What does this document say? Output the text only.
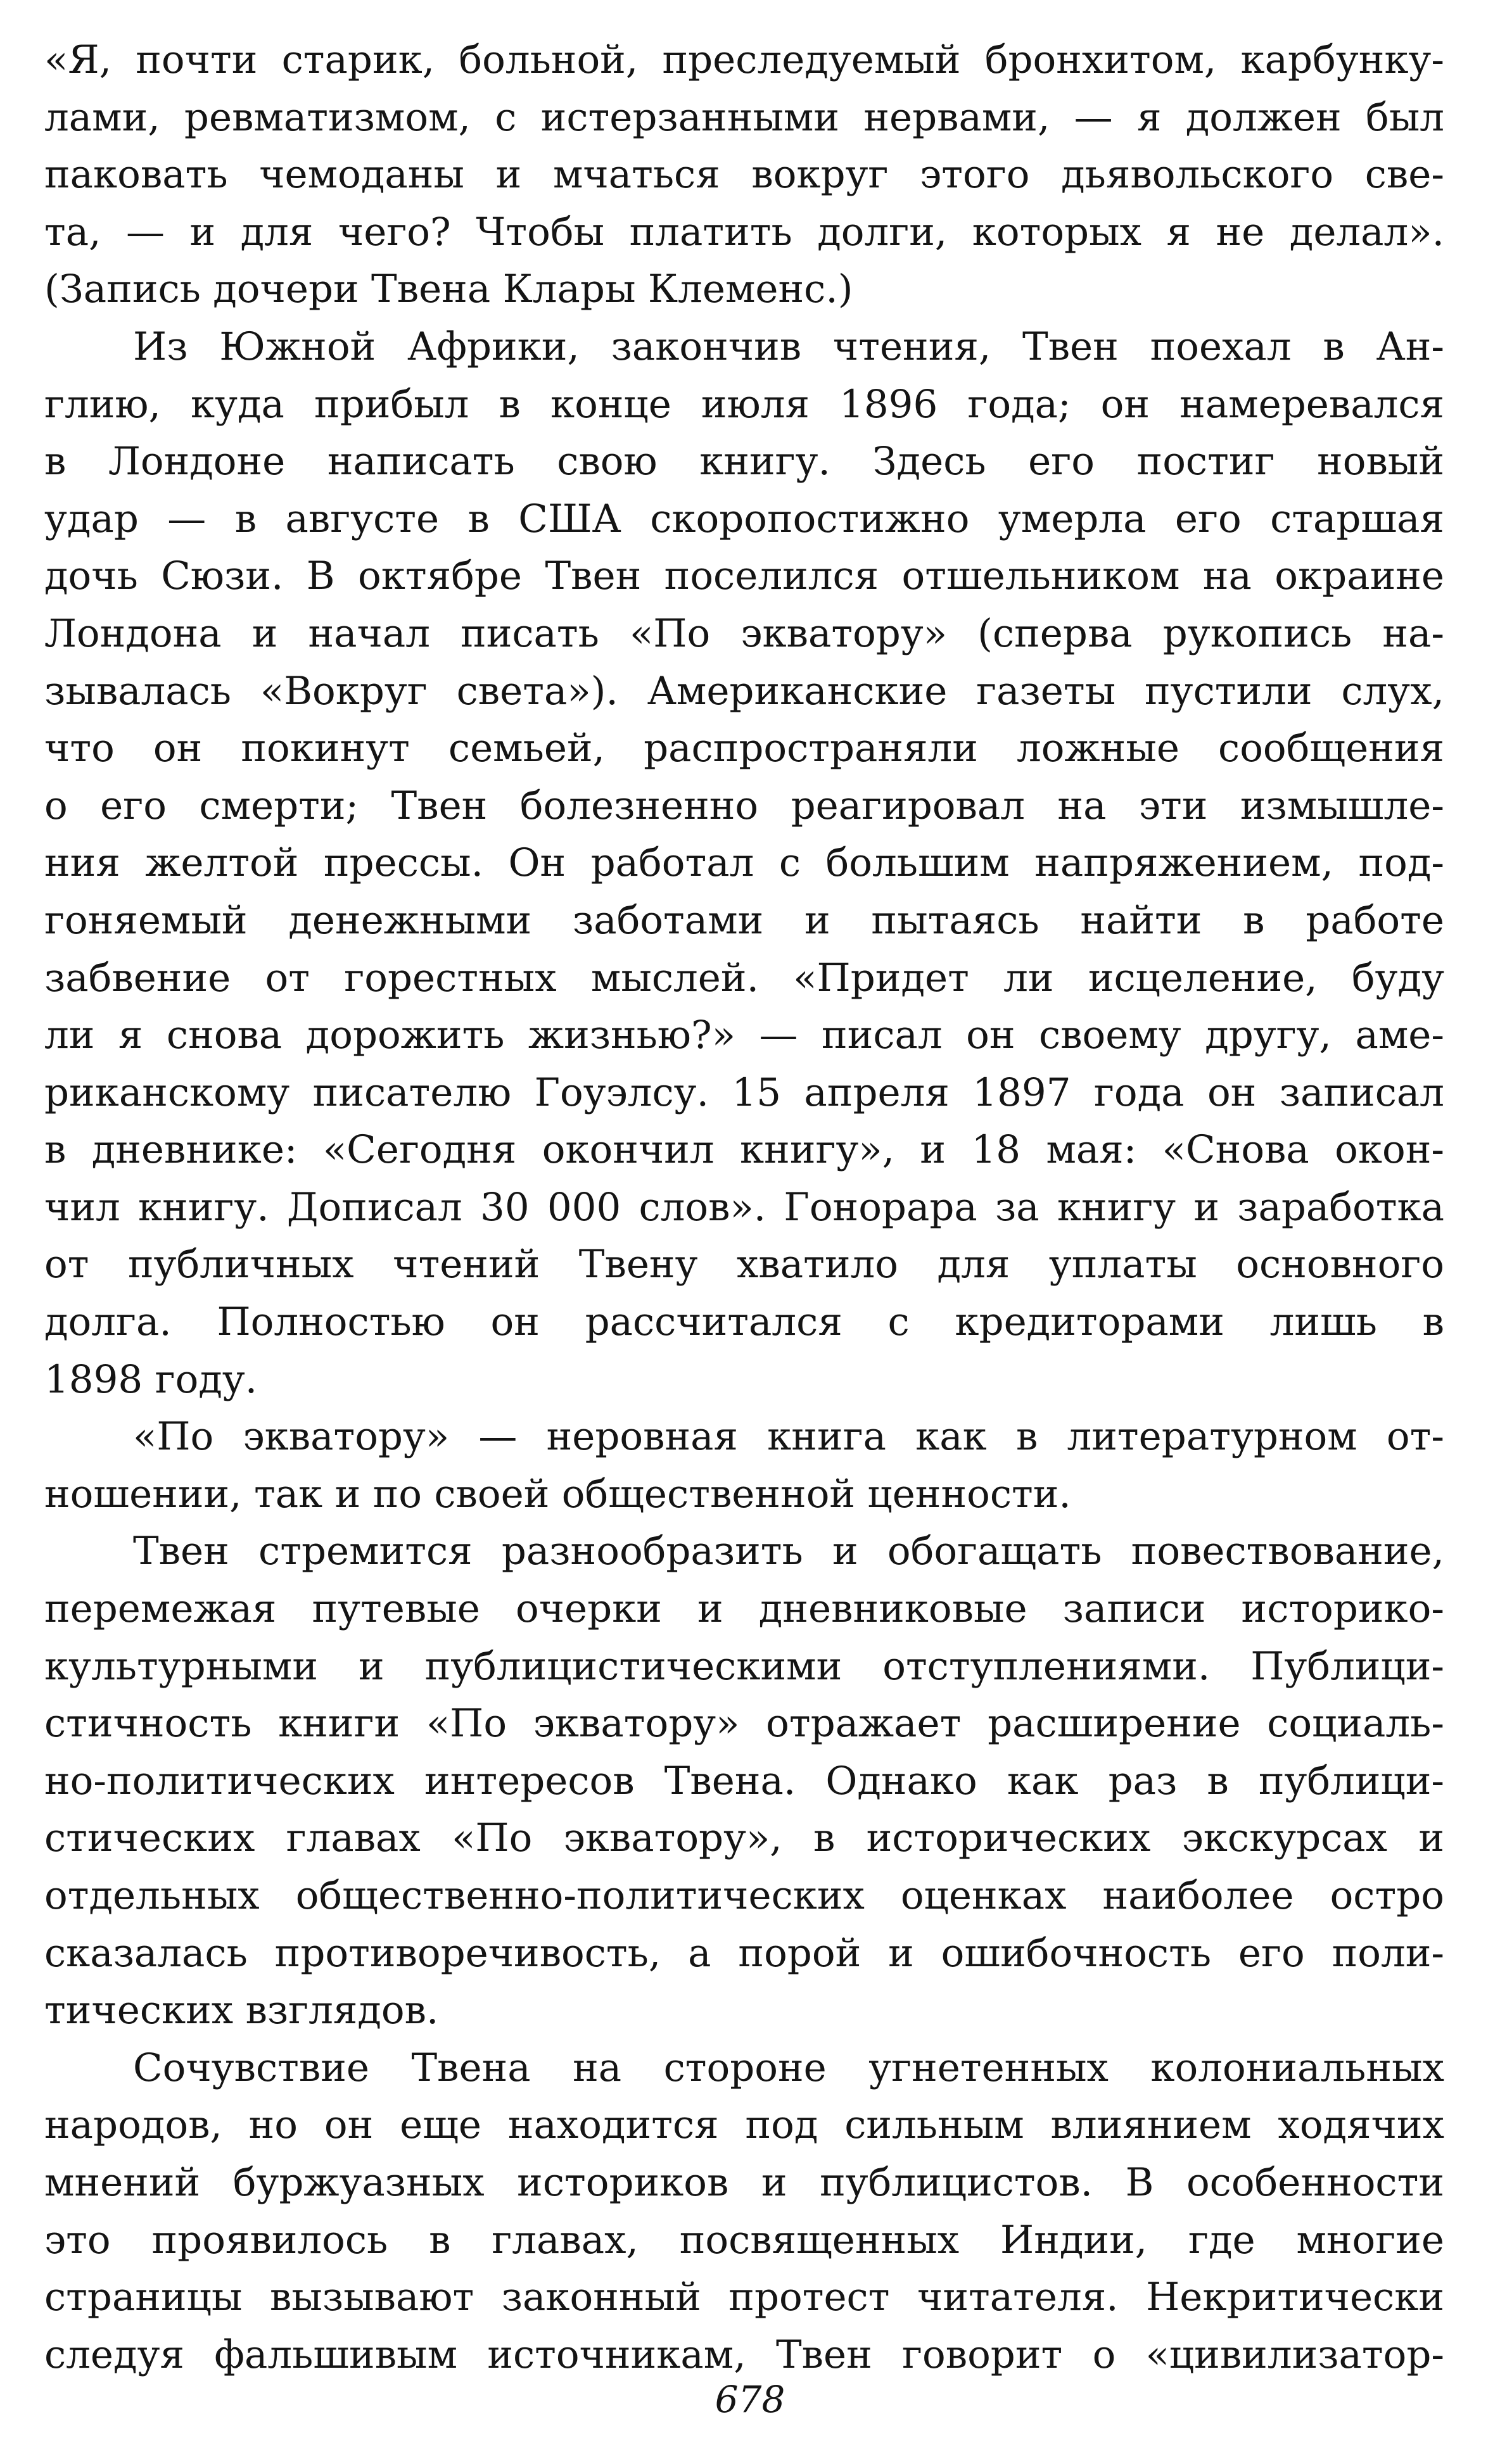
«Я, почти старик, больной, преследуемый бронхитом, карбунку-
лами, ревматизмом, с истерзанными нервами, — я должен был
паковать чемоданы и мчаться вокруг этого дьявольского све-
та, — и для чего? Чтобы платить долги, которых я не делал».
(Запись дочери Твена Клары Клеменс.)
Из Южной Африки, закончив чтения, Твен поехал в Ан-
глию, куда прибыл в конце июля 1896 года; он намеревался
в Лондоне написать свою книгу. Здесь его постиг новый
удар — в августе в США скоропостижно умерла его старшая
дочь Сюзи. В октябре Твен поселился отшельником на окраине
Лондона и начал писать «По экватору» (сперва рукопись на-
зывалась «Вокруг света»). Американские газеты пустили слух,
что он покинут семьей, распространяли ложные сообщения
о его смерти; Твен болезненно реагировал на эти измышле-
ния желтой прессы. Он работал с большим напряжением, под-
гоняемый денежными заботами и пытаясь найти в работе
забвение от горестных мыслей. «Придет ли исцеление, буду
ли я снова дорожить жизнью?» — писал он своему другу, аме-
риканскому писателю Гоуэлсу. 15 апреля 1897 года он записал
в дневнике: «Сегодня окончил книгу», и 18 мая: «Снова окон-
чил книгу. Дописал 30 000 слов». Гонорара за книгу и заработка
от публичных чтений Твену хватило для уплаты основного
долга. Полностью он рассчитался с кредиторами лишь в
1898 году.
«По экватору» — неровная книга как в литературном от-
ношении, так и по своей общественной ценности.
Твен стремится разнообразить и обогащать повествование,
перемежая путевые очерки и дневниковые записи историко-
культурными и публицистическими отступлениями. Публици-
стичность книги «По экватору» отражает расширение социаль-
но-политических интересов Твена. Однако как раз в публици-
стических главах «По экватору», в исторических экскурсах и
отдельных общественно-политических оценках наиболее остро
сказалась противоречивость, а порой и ошибочность его поли-
тических взглядов.
Сочувствие Твена на стороне угнетенных колониальных
народов, но он еще находится под сильным влиянием ходячих
мнений буржуазных историков и публицистов. В особенности
это проявилось в главах, посвященных Индии, где многие
страницы вызывают законный протест читателя. Некритически
следуя фальшивым источникам, Твен говорит о «цивилизатор-
678
